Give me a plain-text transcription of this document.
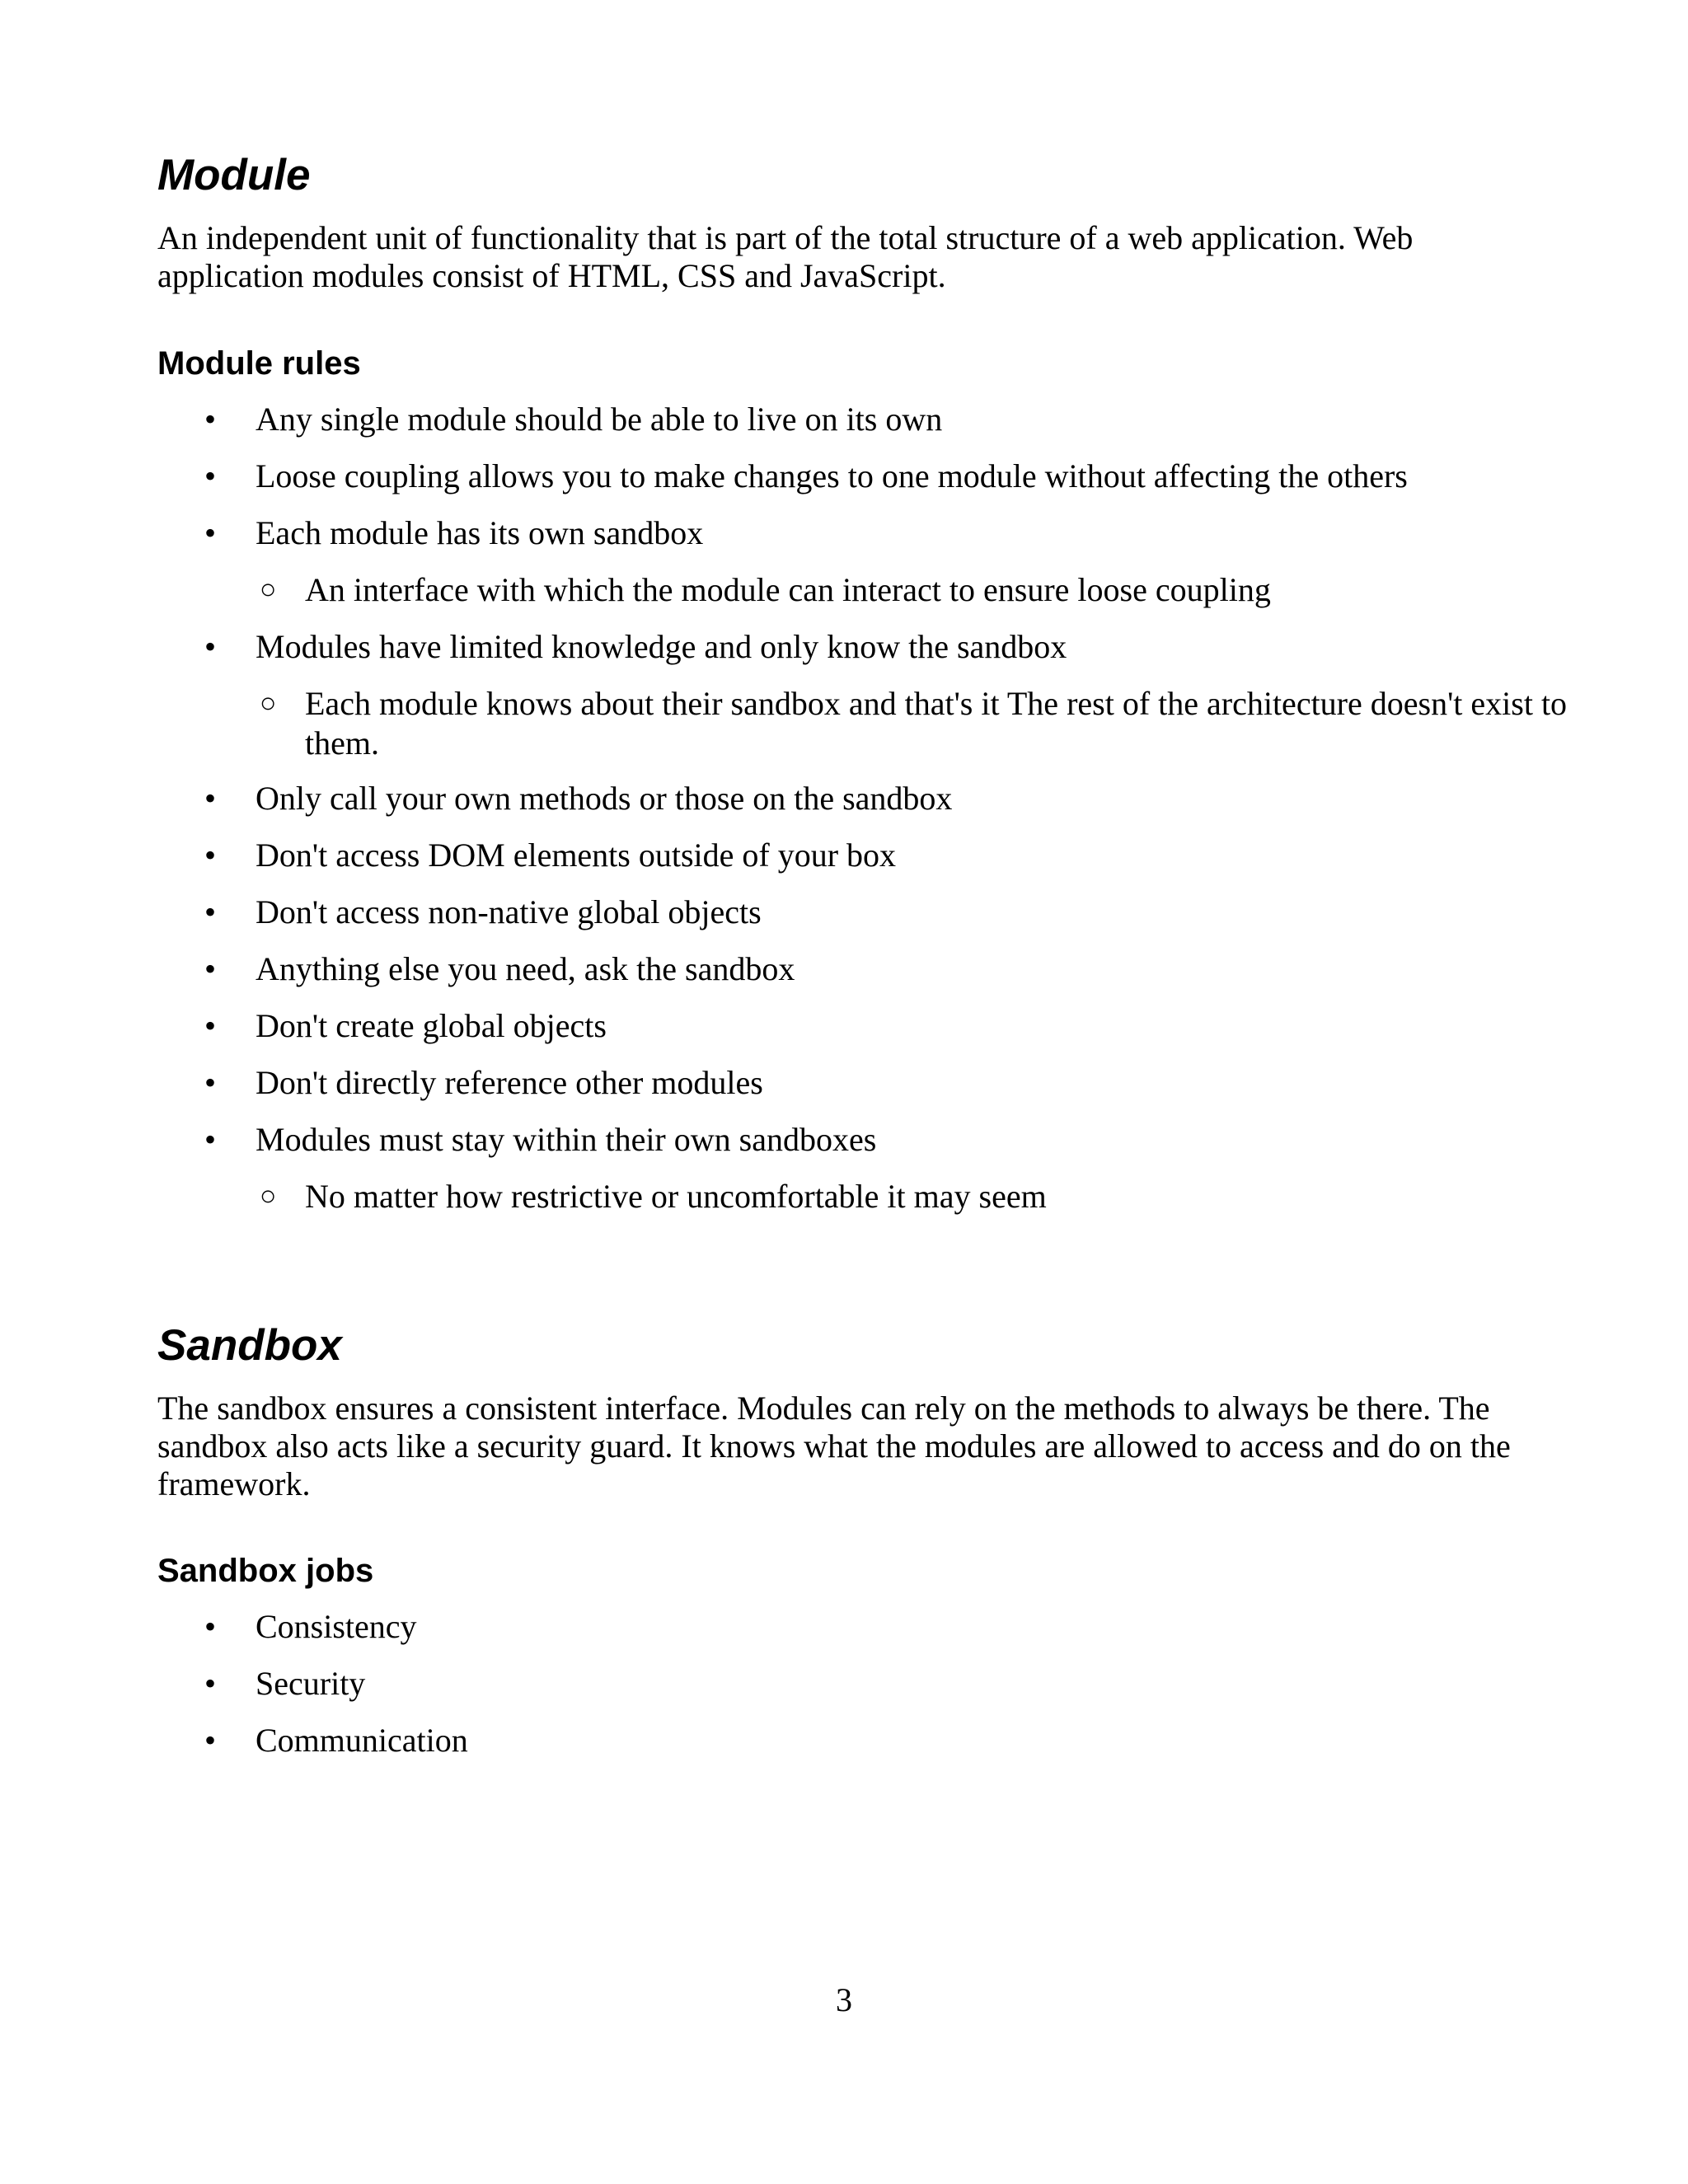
Module

An independent unit of functionality that is part of the total structure of a web application. Web application modules consist of HTML, CSS and JavaScript.

Module rules
• Any single module should be able to live on its own
• Loose coupling allows you to make changes to one module without affecting the others
• Each module has its own sandbox
○ An interface with which the module can interact to ensure loose coupling
• Modules have limited knowledge and only know the sandbox
○ Each module knows about their sandbox and that's it The rest of the architecture doesn't exist to them.
• Only call your own methods or those on the sandbox
• Don't access DOM elements outside of your box
• Don't access non-native global objects
• Anything else you need, ask the sandbox
• Don't create global objects
• Don't directly reference other modules
• Modules must stay within their own sandboxes
○ No matter how restrictive or uncomfortable it may seem
Sandbox

The sandbox ensures a consistent interface. Modules can rely on the methods to always be there. The sandbox also acts like a security guard. It knows what the modules are allowed to access and do on the framework.

Sandbox jobs
• Consistency
• Security
• Communication
3
